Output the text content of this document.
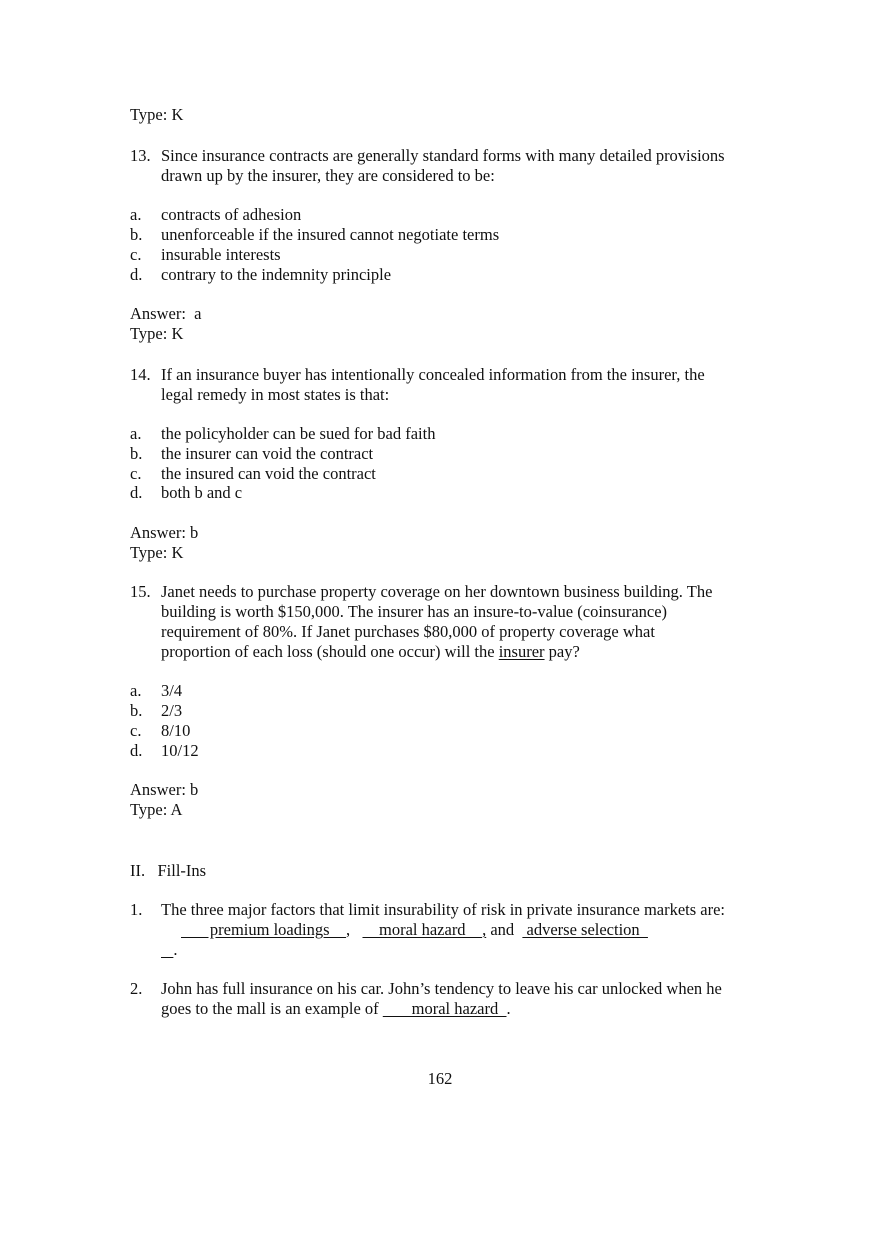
Type: K
13. Since insurance contracts are generally standard forms with many detailed provisions
drawn up by the insurer, they are considered to be:
a.	contracts of adhesion
b.	unenforceable if the insured cannot negotiate terms
c.	insurable interests
d.	contrary to the indemnity principle
Answer:  a
Type: K
14. If an insurance buyer has intentionally concealed information from the insurer, the
legal remedy in most states is that:
a.	the policyholder can be sued for bad faith
b.	the insurer can void the contract
c.	the insured can void the contract
d.	both b and c
Answer: b
Type: K
15. Janet needs to purchase property coverage on her downtown business building. The
building is worth $150,000. The insurer has an insure-to-value (coinsurance)
requirement of 80%. If Janet purchases $80,000 of property coverage what
proportion of each loss (should one occur) will the insurer pay?
a.	3/4
b.	2/3
c.	8/10
d.	10/12
Answer: b
Type: A
II.   Fill-Ins
1.	The three major factors that limit insurability of risk in private insurance markets are:
premium loadings    ,       moral hazard    , and   adverse selection
.
2.	John has full insurance on his car. John’s tendency to leave his car unlocked when he
goes to the mall is an example of        moral hazard  .
162
